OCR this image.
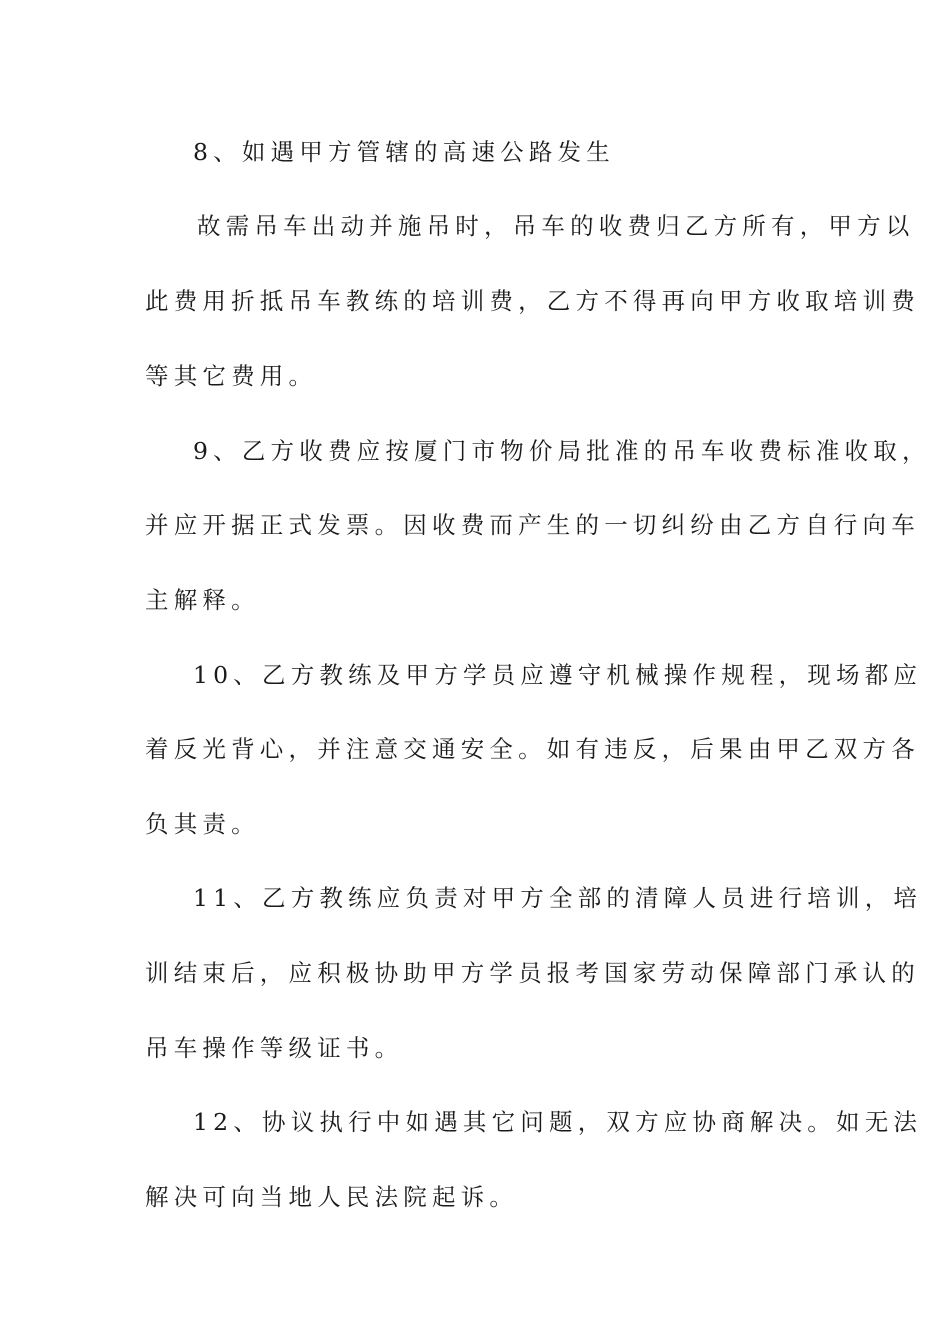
8、如遇甲方管辖的高速公路发生
故需吊车出动并施吊时，吊车的收费归乙方所有，甲方以
此费用折抵吊车教练的培训费，乙方不得再向甲方收取培训费
等其它费用。
9、乙方收费应按厦门市物价局批准的吊车收费标准收取，
并应开据正式发票。因收费而产生的一切纠纷由乙方自行向车
主解释。
10、乙方教练及甲方学员应遵守机械操作规程，现场都应
着反光背心，并注意交通安全。如有违反，后果由甲乙双方各
负其责。
11、乙方教练应负责对甲方全部的清障人员进行培训，培
训结束后，应积极协助甲方学员报考国家劳动保障部门承认的
吊车操作等级证书。
12、协议执行中如遇其它问题，双方应协商解决。如无法
解决可向当地人民法院起诉。
